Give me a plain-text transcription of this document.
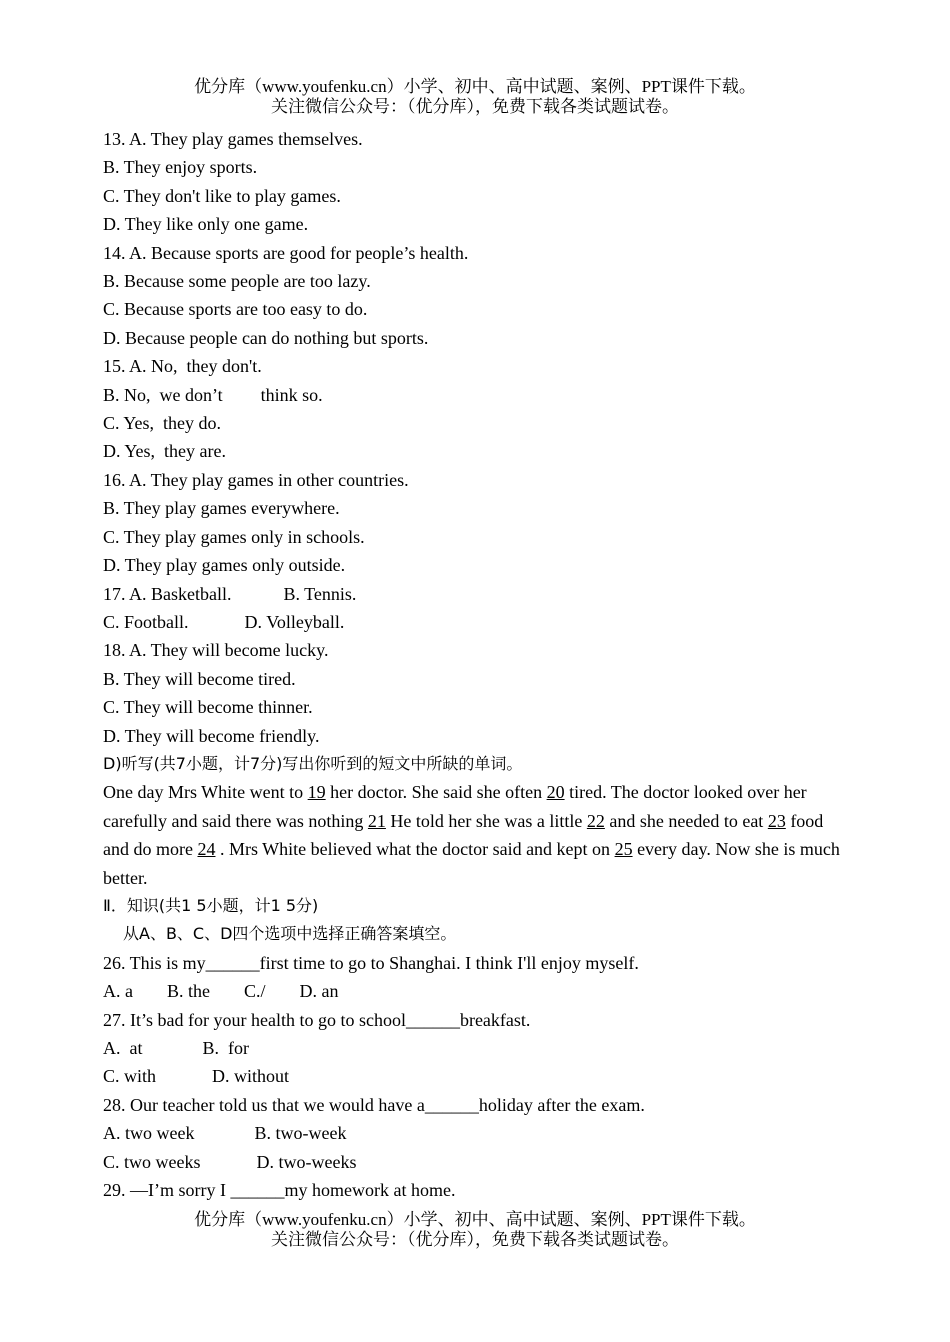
优分库（www.youfenku.cn）小学、初中、高中试题、案例、PPT课件下载。
关注微信公众号：（优分库），免费下载各类试题试卷。
13. A. They play games themselves.
B. They enjoy sports.
C. They don't like to play games.
D. They like only one game.
14. A. Because sports are good for people’s health.
B. Because some people are too lazy.
C. Because sports are too easy to do.
D. Because people can do nothing but sports.
15. A. No,  they don't.
B. No,  we don’t think so.
C. Yes,  they do.
D. Yes,  they are.
16. A. They play games in other countries.
B. They play games everywhere.
C. They play games only in schools.
D. They play games only outside.
17. A. Basketball.	B. Tennis.
C. Football.	D. Volleyball.
18. A. They will become lucky.
B. They will become tired.
C. They will become thinner.
D. They will become friendly.
D)听写(共7小题，计7分)写出你听到的短文中所缺的单词。
One day Mrs White went to 19 her doctor. She said she often 20 tired. The doctor looked over her carefully and said there was nothing 21 He told her she was a little 22 and she needed to eat 23 food and do more 24 . Mrs White believed what the doctor said and kept on 25 every day. Now she is much better.
Ⅱ．知识(共1 5小题，计1 5分)
从A、B、C、D四个选项中选择正确答案填空。
26. This is my______first time to go to Shanghai. I think I'll enjoy myself.
A. a B. the C./ D. an
27. It’s bad for your health to go to school______breakfast.
A.  at	B.  for
C. with	D. without
28. Our teacher told us that we would have a______holiday after the exam.
A. two week	B. two-week
C. two weeks	D. two-weeks
29. —I’m sorry I ______my homework at home.
优分库（www.youfenku.cn）小学、初中、高中试题、案例、PPT课件下载。
关注微信公众号：（优分库），免费下载各类试题试卷。
